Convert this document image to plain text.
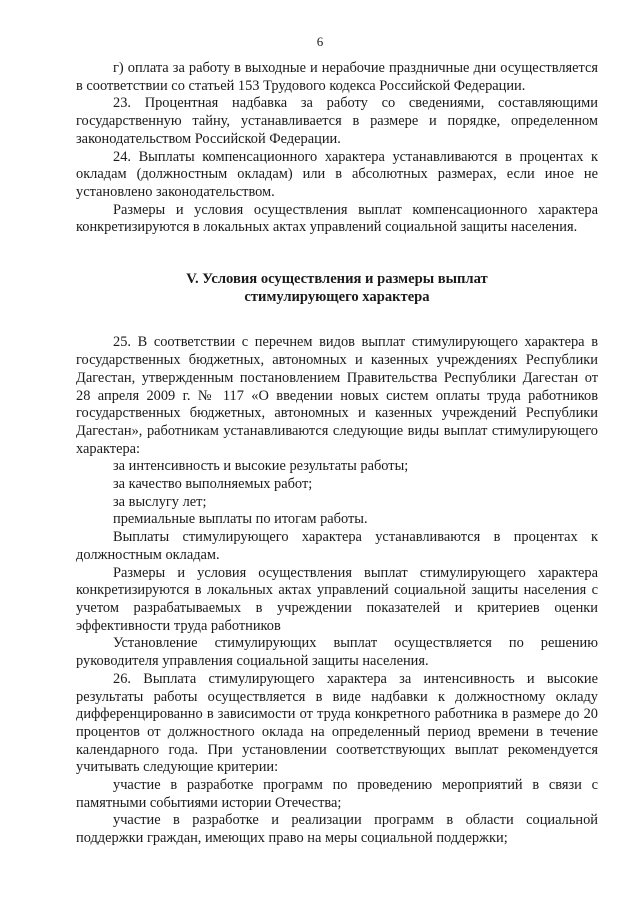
6

г) оплата за работу в выходные и нерабочие праздничные дни осуществляется в соответствии со статьей 153 Трудового кодекса Российской Федерации.

23. Процентная надбавка за работу со сведениями, составляющими государственную тайну, устанавливается в размере и порядке, определенном законодательством Российской Федерации.

24. Выплаты компенсационного характера устанавливаются в процентах к окладам (должностным окладам) или в абсолютных размерах, если иное не установлено законодательством.

Размеры и условия осуществления выплат компенсационного характера конкретизируются в локальных актах управлений социальной защиты населения.

V. Условия осуществления и размеры выплат
стимулирующего характера

25. В соответствии с перечнем видов выплат стимулирующего характера в государственных бюджетных, автономных и казенных учреждениях Республики Дагестан, утвержденным постановлением Правительства Республики Дагестан от 28 апреля 2009 г. № 117 «О введении новых систем оплаты труда работников государственных бюджетных, автономных и казенных учреждений Республики Дагестан», работникам устанавливаются следующие виды выплат стимулирующего характера:

за интенсивность и высокие результаты работы;

за качество выполняемых работ;

за выслугу лет;

премиальные выплаты по итогам работы.

Выплаты стимулирующего характера устанавливаются в процентах к должностным окладам.

Размеры и условия осуществления выплат стимулирующего характера конкретизируются в локальных актах управлений социальной защиты населения с учетом разрабатываемых в учреждении показателей и критериев оценки эффективности труда работников

Установление стимулирующих выплат осуществляется по решению руководителя управления социальной защиты населения.

26. Выплата стимулирующего характера за интенсивность и высокие результаты работы осуществляется в виде надбавки к должностному окладу дифференцированно в зависимости от труда конкретного работника в размере до 20 процентов от должностного оклада на определенный период времени в течение календарного года. При установлении соответствующих выплат рекомендуется учитывать следующие критерии:

участие в разработке программ по проведению мероприятий в связи с памятными событиями истории Отечества;

участие в разработке и реализации программ в области социальной поддержки граждан, имеющих право на меры социальной поддержки;
